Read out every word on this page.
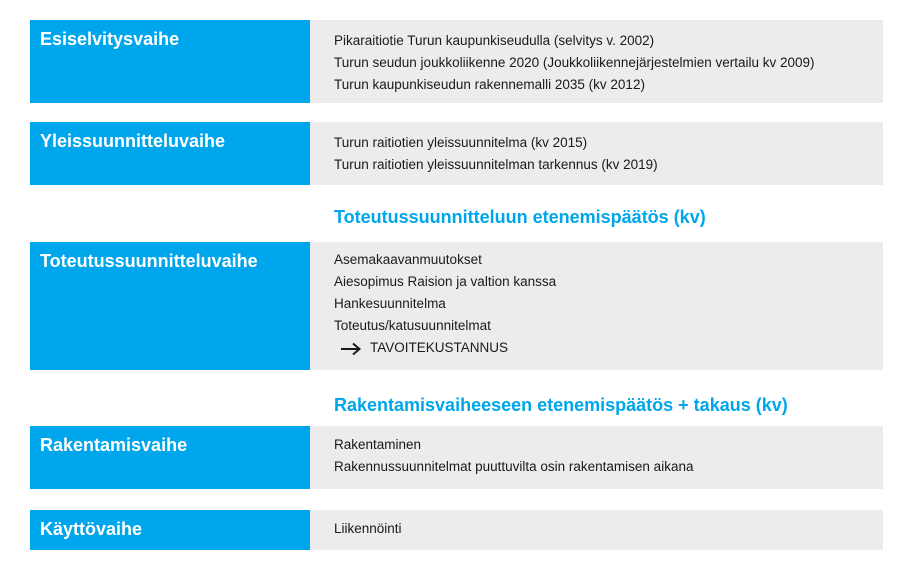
Esiselvitysvaihe	Pikaraitiotie Turun kaupunkiseudulla (selvitys v. 2002)
Turun seudun joukkoliikenne 2020 (Joukkoliikennejärjestelmien vertailu kv 2009)
Turun kaupunkiseudun rakennemalli 2035 (kv 2012)
Yleissuunnitteluvaihe	Turun raitiotien yleissuunnitelma (kv 2015)
Turun raitiotien yleissuunnitelman tarkennus (kv 2019)
Toteutussuunnitteluun etenemispäätös (kv)
Toteutussuunnitteluvaihe	Asemakaavanmuutokset
Aiesopimus Raision ja valtion kanssa
Hankesuunnitelma
Toteutus/katusuunnitelmat
TAVOITEKUSTANNUS
Rakentamisvaiheeseen etenemispäätös + takaus (kv)
Rakentamisvaihe	Rakentaminen
Rakennussuunnitelmat puuttuvilta osin rakentamisen aikana
Käyttövaihe	Liikennöinti
